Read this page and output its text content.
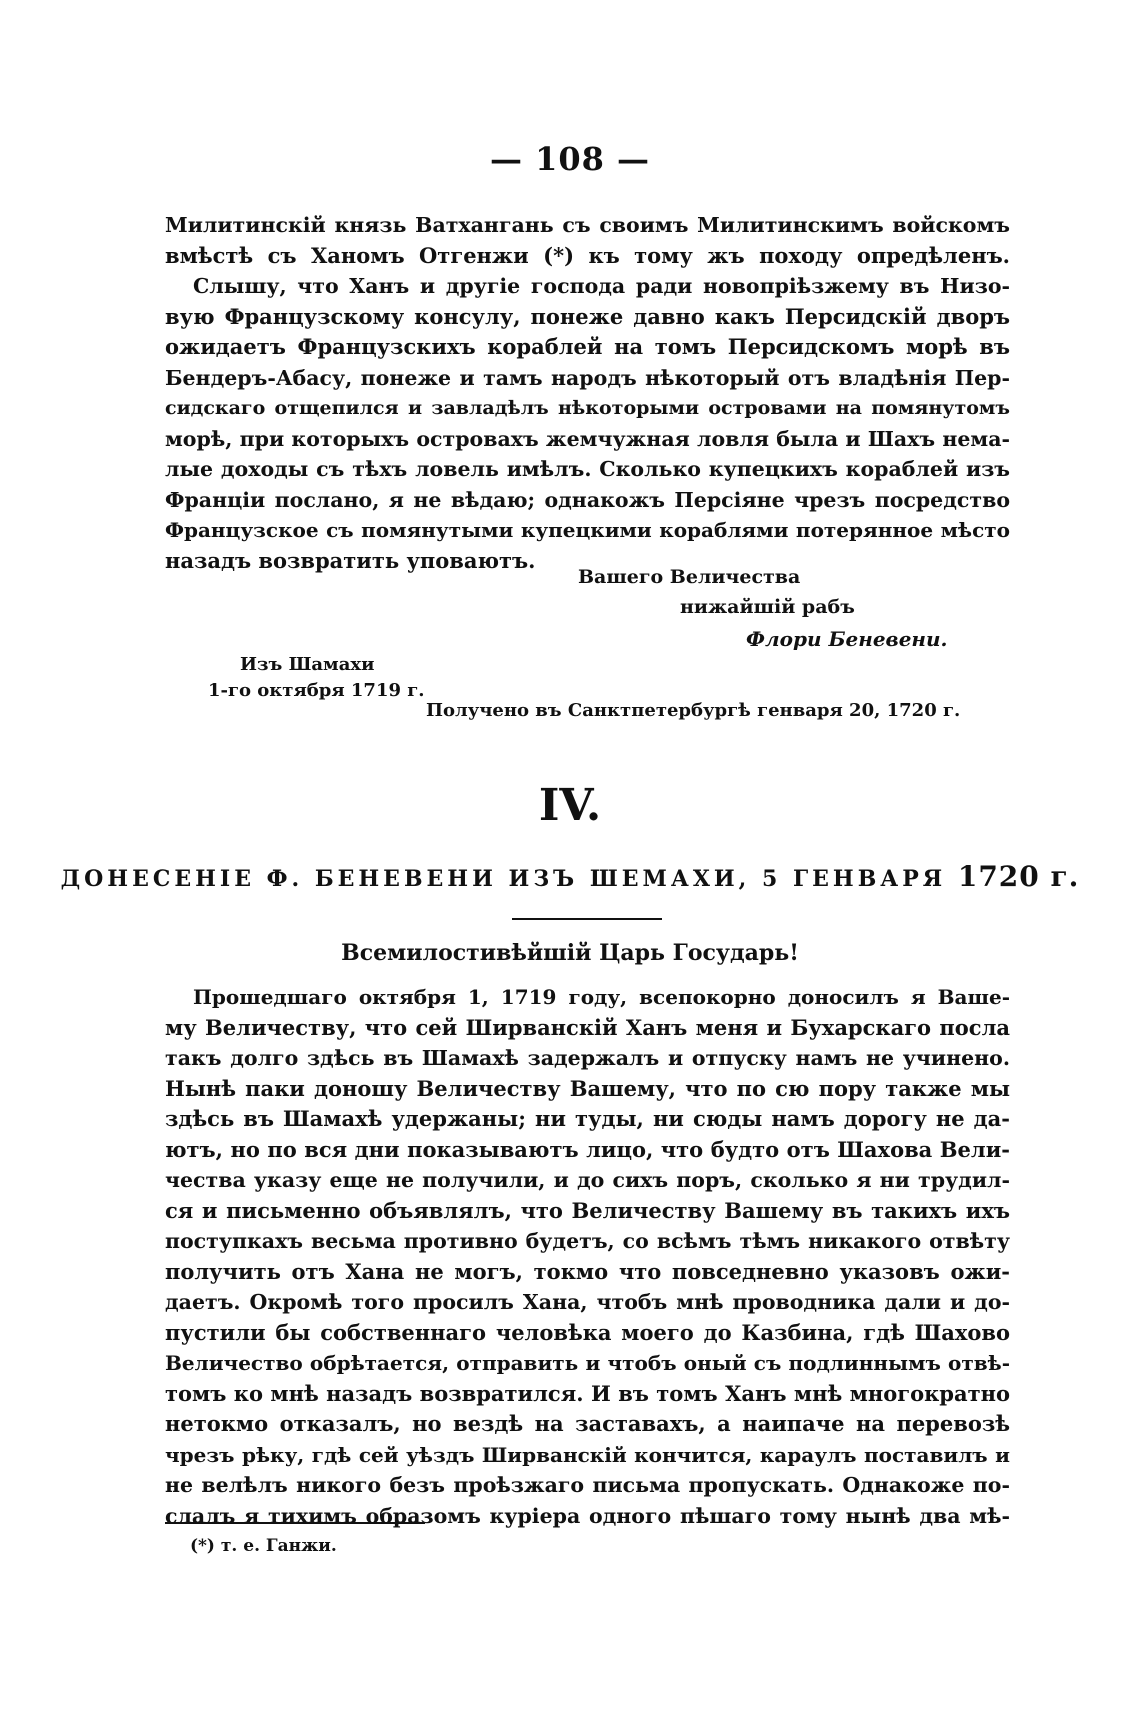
— 108 —
Милитинскій князь Ватхангань съ своимъ Милитинскимъ войскомъ
вмѣстѣ съ Ханомъ Отгенжи (*) къ тому жъ походу опредѣленъ.
Слышу, что Ханъ и другіе господа ради новопріѣзжему въ Низо-
вую Французскому консулу, понеже давно какъ Персидскій дворъ
ожидаетъ Французскихъ кораблей на томъ Персидскомъ морѣ въ
Бендеръ-Абасу, понеже и тамъ народъ нѣкоторый отъ владѣнія Пер-
сидскаго отщепился и завладѣлъ нѣкоторыми островами на помянутомъ
морѣ, при которыхъ островахъ жемчужная ловля была и Шахъ нема-
лые доходы съ тѣхъ ловель имѣлъ. Сколько купецкихъ кораблей изъ
Франціи послано, я не вѣдаю; однакожъ Персіяне чрезъ посредство
Французское съ помянутыми купецкими кораблями потерянное мѣсто
назадъ возвратить уповаютъ.
Вашего Величества
нижайшій рабъ
Флори Беневени.
Изъ Шамахи
1-го октября 1719 г.
Получено въ Санктпетербургѣ генваря 20, 1720 г.
IV.
ДОНЕСЕНІЕ Ф. БЕНЕВЕНИ ИЗЪ ШЕМАХИ, 5 ГЕНВАРЯ 1720 г.
Всемилостивѣйшій Царь Государь!
Прошедшаго октября 1, 1719 году, всепокорно доносилъ я Ваше-
му Величеству, что сей Ширванскій Ханъ меня и Бухарскаго посла
такъ долго здѣсь въ Шамахѣ задержалъ и отпуску намъ не учинено.
Нынѣ паки доношу Величеству Вашему, что по сю пору также мы
здѣсь въ Шамахѣ удержаны; ни туды, ни сюды намъ дорогу не да-
ютъ, но по вся дни показываютъ лицо, что будто отъ Шахова Вели-
чества указу еще не получили, и до сихъ поръ, сколько я ни трудил-
ся и письменно объявлялъ, что Величеству Вашему въ такихъ ихъ
поступкахъ весьма противно будетъ, со всѣмъ тѣмъ никакого отвѣту
получить отъ Хана не могъ, токмо что повседневно указовъ ожи-
даетъ. Окромѣ того просилъ Хана, чтобъ мнѣ проводника дали и до-
пустили бы собственнаго человѣка моего до Казбина, гдѣ Шахово
Величество обрѣтается, отправить и чтобъ оный съ подлиннымъ отвѣ-
томъ ко мнѣ назадъ возвратился. И въ томъ Ханъ мнѣ многократно
нетокмо отказалъ, но вездѣ на заставахъ, а наипаче на перевозѣ
чрезъ рѣку, гдѣ сей уѣздъ Ширванскій кончится, караулъ поставилъ и
не велѣлъ никого безъ проѣзжаго письма пропускать. Однакоже по-
слалъ я тихимъ образомъ курiера одного пѣшаго тому нынѣ два мѣ-
(*) т. е. Ганжи.
